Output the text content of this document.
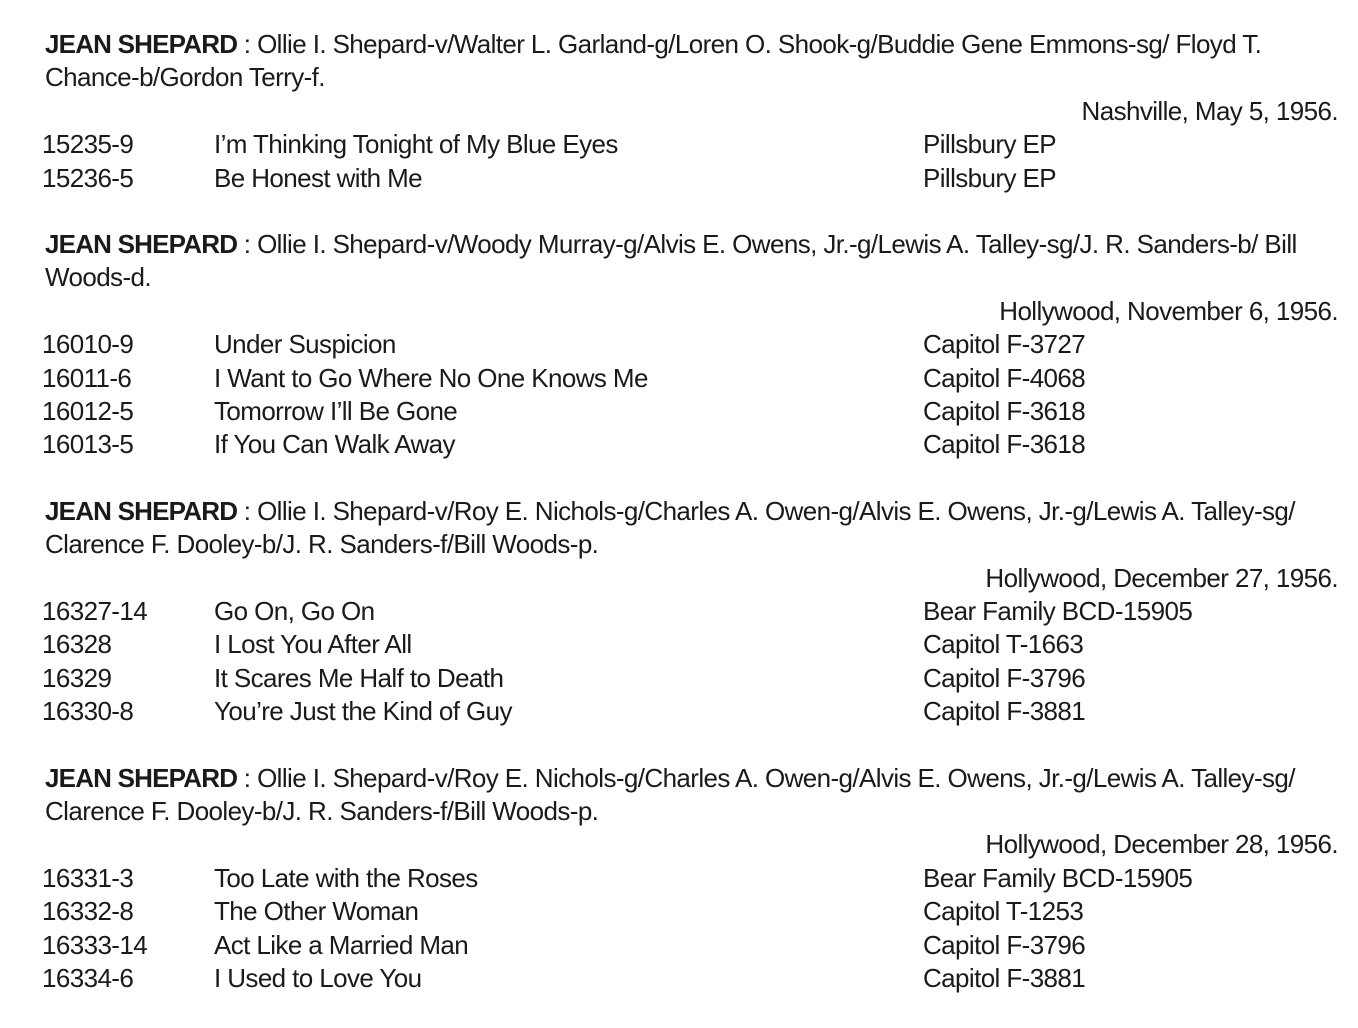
JEAN SHEPARD : Ollie I. Shepard-v/Walter L. Garland-g/Loren O. Shook-g/Buddie Gene Emmons-sg/ Floyd T. Chance-b/Gordon Terry-f.

Nashville, May 5, 1956.
15235-9	I’m Thinking Tonight of My Blue Eyes	Pillsbury EP
15236-5	Be Honest with Me	Pillsbury EP

JEAN SHEPARD : Ollie I. Shepard-v/Woody Murray-g/Alvis E. Owens, Jr.-g/Lewis A. Talley-sg/J. R. Sanders-b/ Bill Woods-d.

Hollywood, November 6, 1956.
16010-9	Under Suspicion	Capitol F-3727
16011-6	I Want to Go Where No One Knows Me	Capitol F-4068
16012-5	Tomorrow I’ll Be Gone	Capitol F-3618
16013-5	If You Can Walk Away	Capitol F-3618

JEAN SHEPARD : Ollie I. Shepard-v/Roy E. Nichols-g/Charles A. Owen-g/Alvis E. Owens, Jr.-g/Lewis A. Talley-sg/ Clarence F. Dooley-b/J. R. Sanders-f/Bill Woods-p.

Hollywood, December 27, 1956.
16327-14	Go On, Go On	Bear Family BCD-15905
16328	I Lost You After All	Capitol T-1663
16329	It Scares Me Half to Death	Capitol F-3796
16330-8	You’re Just the Kind of Guy	Capitol F-3881

JEAN SHEPARD : Ollie I. Shepard-v/Roy E. Nichols-g/Charles A. Owen-g/Alvis E. Owens, Jr.-g/Lewis A. Talley-sg/ Clarence F. Dooley-b/J. R. Sanders-f/Bill Woods-p.

Hollywood, December 28, 1956.
16331-3	Too Late with the Roses	Bear Family BCD-15905
16332-8	The Other Woman	Capitol T-1253
16333-14	Act Like a Married Man	Capitol F-3796
16334-6	I Used to Love You	Capitol F-3881
